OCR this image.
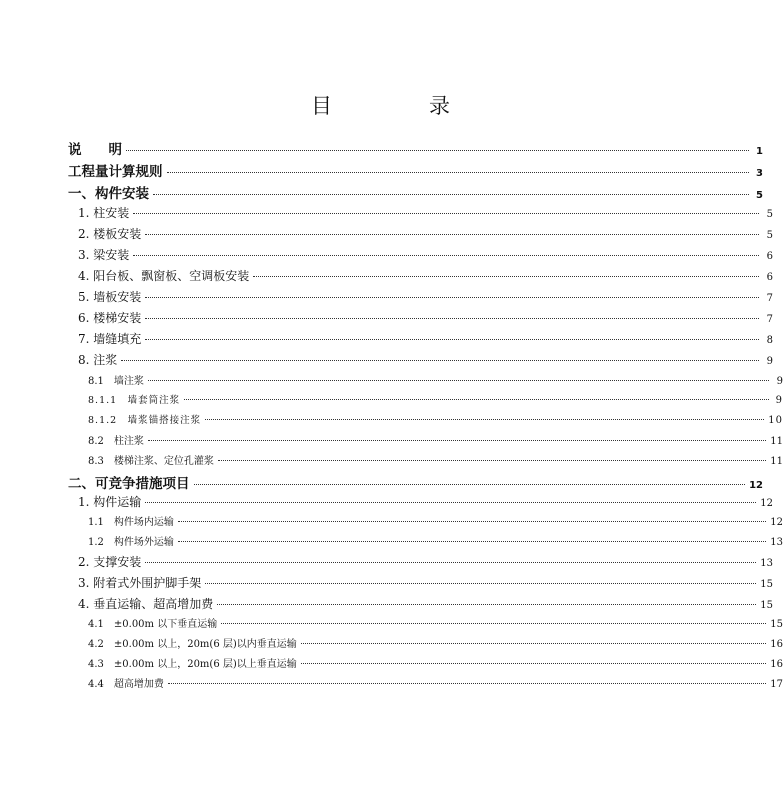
目　录
说　　明	1
工程量计算规则	3
一、构件安装	5
1. 柱安装	5
2. 楼板安装	5
3. 梁安装	6
4. 阳台板、飘窗板、空调板安装	6
5. 墙板安装	7
6. 楼梯安装	7
7. 墙缝填充	8
8. 注浆	9
8.1　墙注浆	9
8.1.1　墙套筒注浆	9
8.1.2　墙浆锚搭接注浆	10
8.2　柱注浆	11
8.3　楼梯注浆、定位孔灌浆	11
二、可竞争措施项目	12
1. 构件运输	12
1.1　构件场内运输	12
1.2　构件场外运输	13
2. 支撑安装	13
3. 附着式外围护脚手架	15
4. 垂直运输、超高增加费	15
4.1　±0.00m 以下垂直运输	15
4.2　±0.00m 以上，20m(6 层)以内垂直运输	16
4.3　±0.00m 以上，20m(6 层)以上垂直运输	16
4.4　超高增加费	17
